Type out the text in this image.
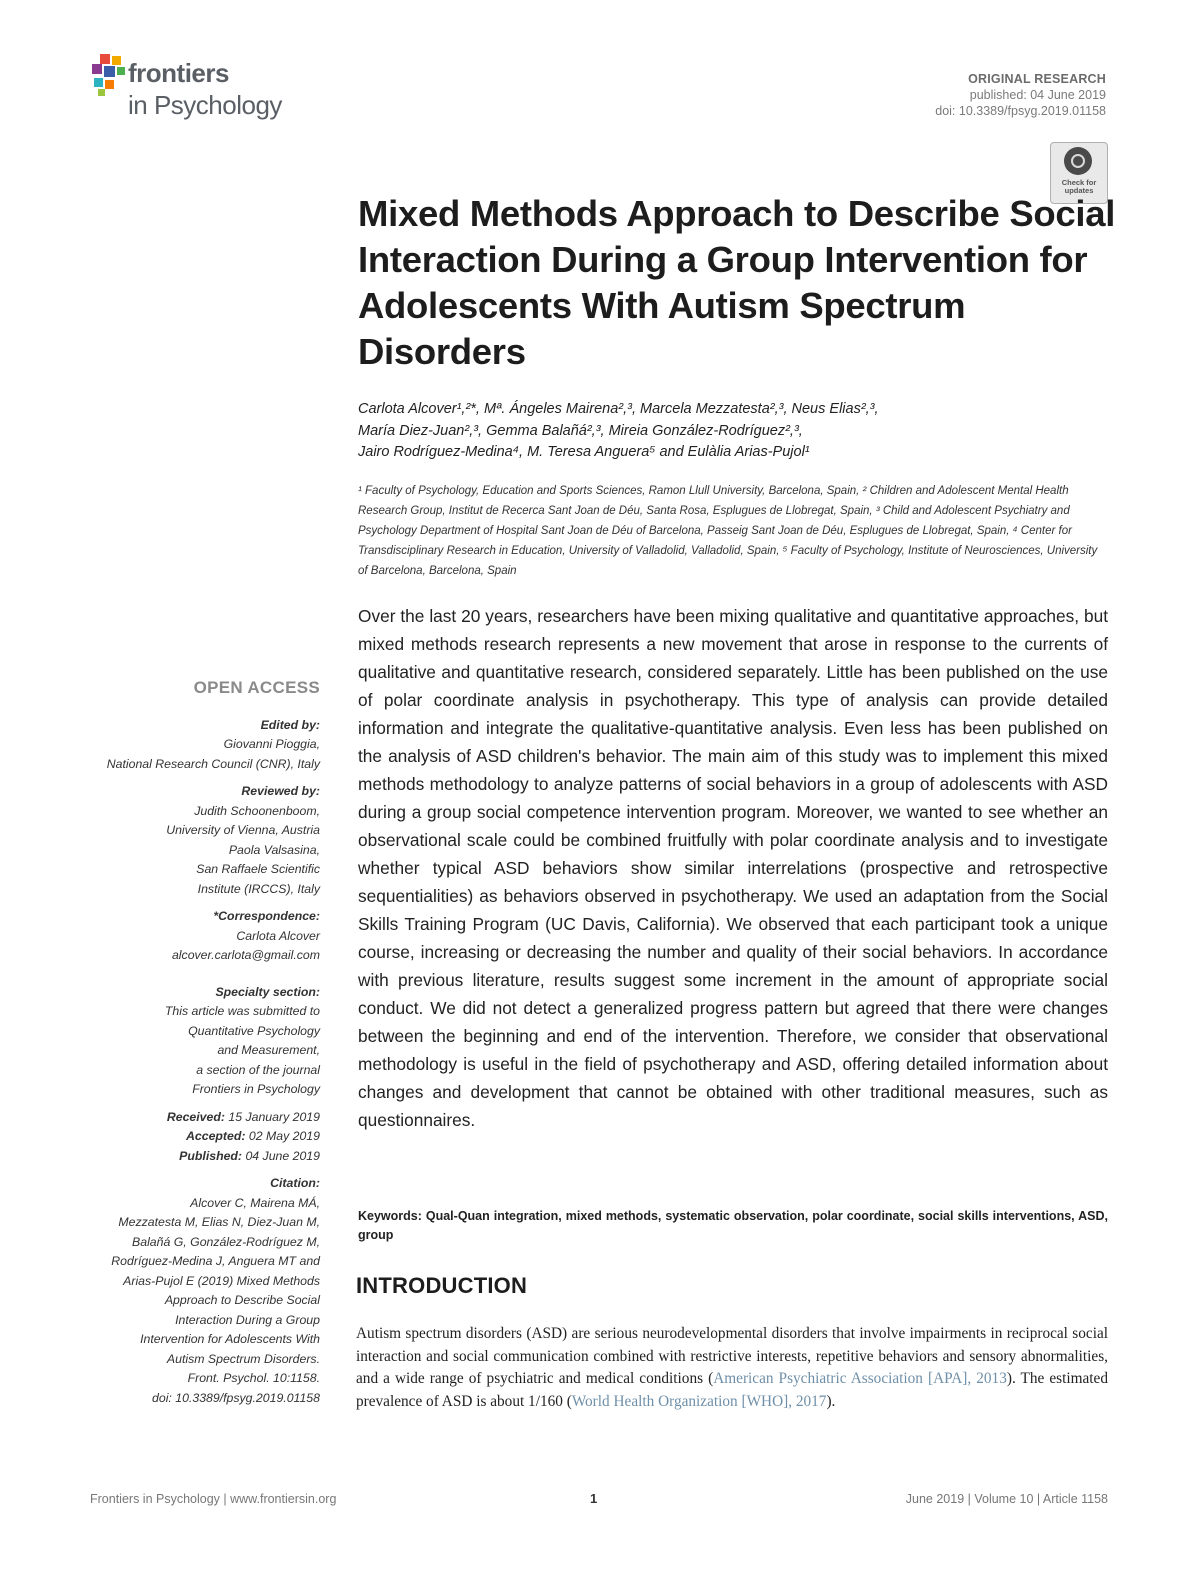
frontiers
in Psychology
ORIGINAL RESEARCH
published: 04 June 2019
doi: 10.3389/fpsyg.2019.01158
Check for updates
Mixed Methods Approach to Describe Social Interaction During a Group Intervention for Adolescents With Autism Spectrum Disorders
Carlota Alcover¹,²*, Mª. Ángeles Mairena²,³, Marcela Mezzatesta²,³, Neus Elias²,³,
María Diez-Juan²,³, Gemma Balañá²,³, Mireia González-Rodríguez²,³,
Jairo Rodríguez-Medina⁴, M. Teresa Anguera⁵ and Eulàlia Arias-Pujol¹
¹ Faculty of Psychology, Education and Sports Sciences, Ramon Llull University, Barcelona, Spain, ² Children and Adolescent Mental Health Research Group, Institut de Recerca Sant Joan de Déu, Santa Rosa, Esplugues de Llobregat, Spain, ³ Child and Adolescent Psychiatry and Psychology Department of Hospital Sant Joan de Déu of Barcelona, Passeig Sant Joan de Déu, Esplugues de Llobregat, Spain, ⁴ Center for Transdisciplinary Research in Education, University of Valladolid, Valladolid, Spain, ⁵ Faculty of Psychology, Institute of Neurosciences, University of Barcelona, Barcelona, Spain

Over the last 20 years, researchers have been mixing qualitative and quantitative approaches, but mixed methods research represents a new movement that arose in response to the currents of qualitative and quantitative research, considered separately. Little has been published on the use of polar coordinate analysis in psychotherapy. This type of analysis can provide detailed information and integrate the qualitative-quantitative analysis. Even less has been published on the analysis of ASD children's behavior. The main aim of this study was to implement this mixed methods methodology to analyze patterns of social behaviors in a group of adolescents with ASD during a group social competence intervention program. Moreover, we wanted to see whether an observational scale could be combined fruitfully with polar coordinate analysis and to investigate whether typical ASD behaviors show similar interrelations (prospective and retrospective sequentialities) as behaviors observed in psychotherapy. We used an adaptation from the Social Skills Training Program (UC Davis, California). We observed that each participant took a unique course, increasing or decreasing the number and quality of their social behaviors. In accordance with previous literature, results suggest some increment in the amount of appropriate social conduct. We did not detect a generalized progress pattern but agreed that there were changes between the beginning and end of the intervention. Therefore, we consider that observational methodology is useful in the field of psychotherapy and ASD, offering detailed information about changes and development that cannot be obtained with other traditional measures, such as questionnaires.

Keywords: Qual-Quan integration, mixed methods, systematic observation, polar coordinate, social skills interventions, ASD, group
INTRODUCTION

Autism spectrum disorders (ASD) are serious neurodevelopmental disorders that involve impairments in reciprocal social interaction and social communication combined with restrictive interests, repetitive behaviors and sensory abnormalities, and a wide range of psychiatric and medical conditions (American Psychiatric Association [APA], 2013). The estimated prevalence of ASD is about 1/160 (World Health Organization [WHO], 2017).

OPEN ACCESS
Edited by:
Giovanni Pioggia,
National Research Council (CNR), Italy
Reviewed by:
Judith Schoonenboom,
University of Vienna, Austria
Paola Valsasina,
San Raffaele Scientific
Institute (IRCCS), Italy
*Correspondence:
Carlota Alcover
alcover.carlota@gmail.com
Specialty section:
This article was submitted to
Quantitative Psychology
and Measurement,
a section of the journal
Frontiers in Psychology
Received: 15 January 2019
Accepted: 02 May 2019
Published: 04 June 2019
Citation:
Alcover C, Mairena MÁ,
Mezzatesta M, Elias N, Diez-Juan M,
Balañá G, González-Rodríguez M,
Rodríguez-Medina J, Anguera MT and
Arias-Pujol E (2019) Mixed Methods
Approach to Describe Social
Interaction During a Group
Intervention for Adolescents With
Autism Spectrum Disorders.
Front. Psychol. 10:1158.
doi: 10.3389/fpsyg.2019.01158
Frontiers in Psychology | www.frontiersin.org	1	June 2019 | Volume 10 | Article 1158
